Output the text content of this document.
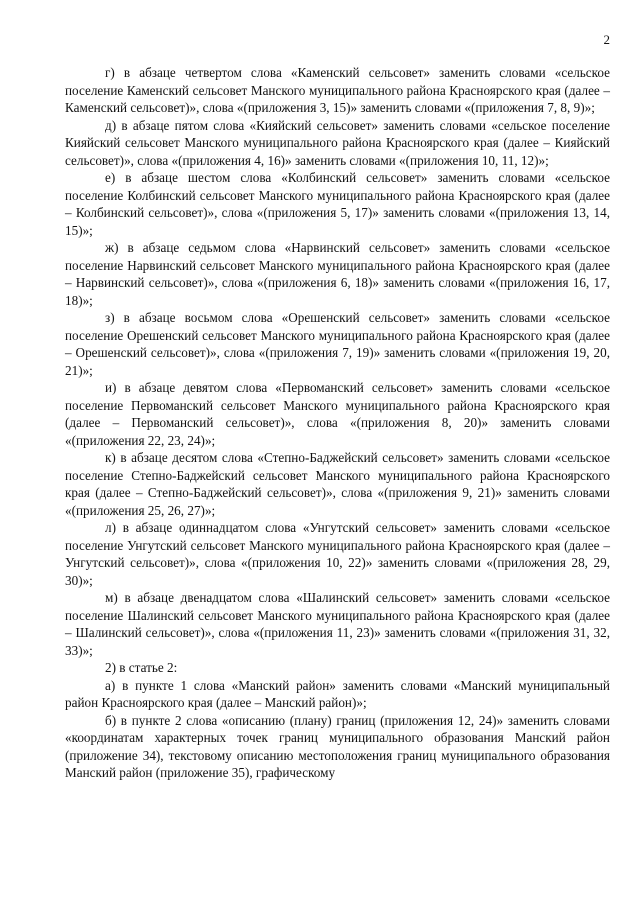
2

г) в абзаце четвертом слова «Каменский сельсовет» заменить словами «сельское поселение Каменский сельсовет Манского муниципального района Красноярского края (далее – Каменский сельсовет)», слова «(приложения 3, 15)» заменить словами «(приложения 7, 8, 9)»;

д) в абзаце пятом слова «Кияйский сельсовет» заменить словами «сельское поселение Кияйский сельсовет Манского муниципального района Красноярского края (далее – Кияйский сельсовет)», слова «(приложения 4, 16)» заменить словами «(приложения 10, 11, 12)»;

е) в абзаце шестом слова «Колбинский сельсовет» заменить словами «сельское поселение Колбинский сельсовет Манского муниципального района Красноярского края (далее – Колбинский сельсовет)», слова «(приложения 5, 17)» заменить словами «(приложения 13, 14, 15)»;

ж) в абзаце седьмом слова «Нарвинский сельсовет» заменить словами «сельское поселение Нарвинский сельсовет Манского муниципального района Красноярского края (далее – Нарвинский сельсовет)», слова «(приложения 6, 18)» заменить словами «(приложения 16, 17, 18)»;

з) в абзаце восьмом слова «Орешенский сельсовет» заменить словами «сельское поселение Орешенский сельсовет Манского муниципального района Красноярского края (далее – Орешенский сельсовет)», слова «(приложения 7, 19)» заменить словами «(приложения 19, 20, 21)»;

и) в абзаце девятом слова «Первоманский сельсовет» заменить словами «сельское поселение Первоманский сельсовет Манского муниципального района Красноярского края (далее – Первоманский сельсовет)», слова «(приложения 8, 20)» заменить словами «(приложения 22, 23, 24)»;

к) в абзаце десятом слова «Степно-Баджейский сельсовет» заменить словами «сельское поселение Степно-Баджейский сельсовет Манского муниципального района Красноярского края (далее – Степно-Баджейский сельсовет)», слова «(приложения 9, 21)» заменить словами «(приложения 25, 26, 27)»;

л) в абзаце одиннадцатом слова «Унгутский сельсовет» заменить словами «сельское поселение Унгутский сельсовет Манского муниципального района Красноярского края (далее – Унгутский сельсовет)», слова «(приложения 10, 22)» заменить словами «(приложения 28, 29, 30)»;

м) в абзаце двенадцатом слова «Шалинский сельсовет» заменить словами «сельское поселение Шалинский сельсовет Манского муниципального района Красноярского края (далее – Шалинский сельсовет)», слова «(приложения 11, 23)» заменить словами «(приложения 31, 32, 33)»;

2) в статье 2:

а) в пункте 1 слова «Манский район» заменить словами «Манский муниципальный район Красноярского края (далее – Манский район)»;

б) в пункте 2 слова «описанию (плану) границ (приложения 12, 24)» заменить словами «координатам характерных точек границ муниципального образования Манский район (приложение 34), текстовому описанию местоположения границ муниципального образования Манский район (приложение 35), графическому
